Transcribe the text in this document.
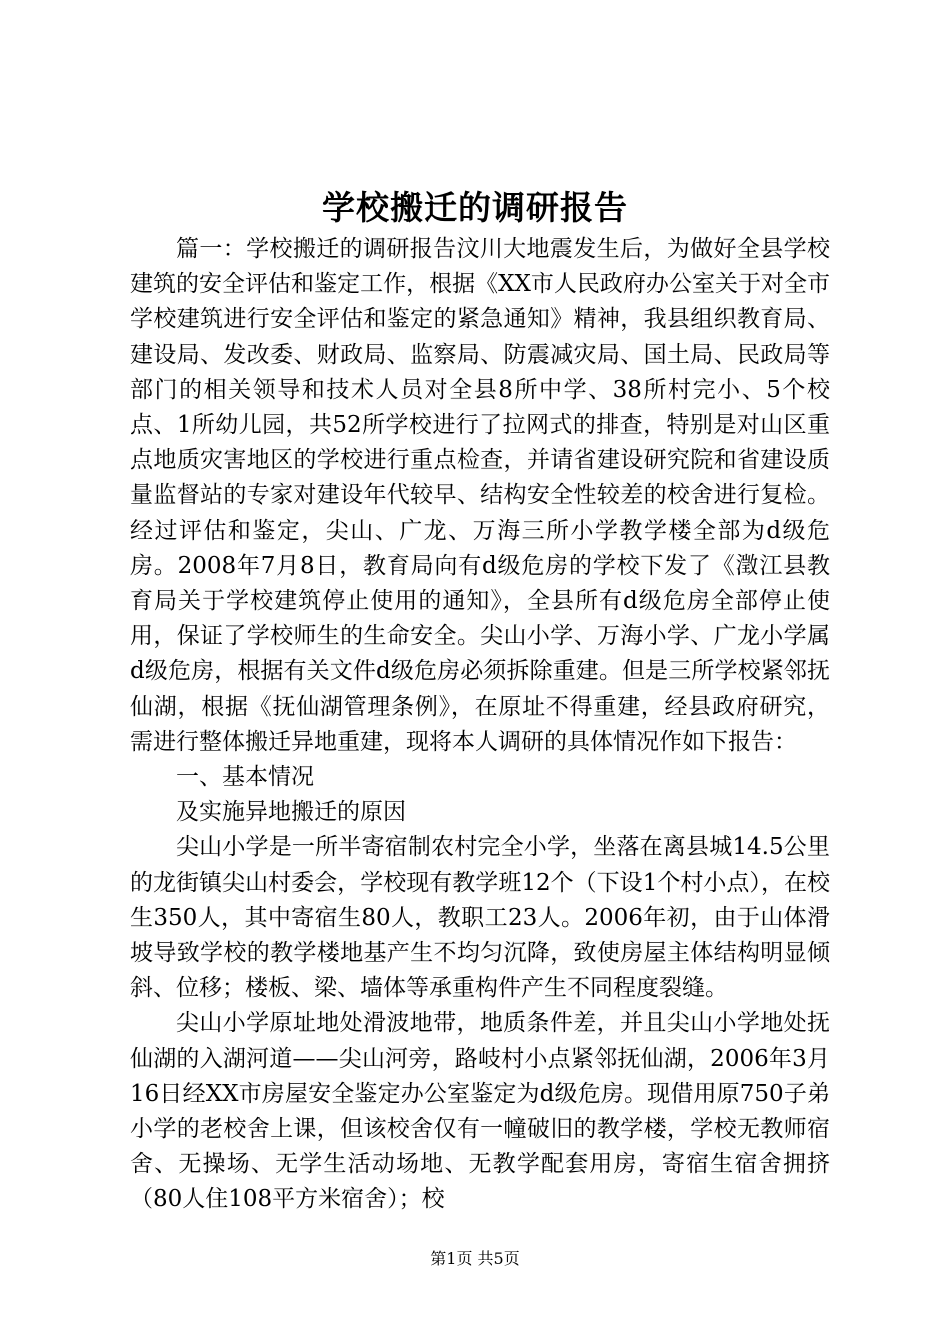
学校搬迁的调研报告

篇一：学校搬迁的调研报告汶川大地震发生后，为做好全县学校建筑的安全评估和鉴定工作，根据《XX市人民政府办公室关于对全市学校建筑进行安全评估和鉴定的紧急通知》精神，我县组织教育局、建设局、发改委、财政局、监察局、防震减灾局、国土局、民政局等部门的相关领导和技术人员对全县8所中学、38所村完小、5个校点、1所幼儿园，共52所学校进行了拉网式的排查，特别是对山区重点地质灾害地区的学校进行重点检查，并请省建设研究院和省建设质量监督站的专家对建设年代较早、结构安全性较差的校舍进行复检。经过评估和鉴定，尖山、广龙、万海三所小学教学楼全部为d级危房。2008年7月8日，教育局向有d级危房的学校下发了《澂江县教育局关于学校建筑停止使用的通知》，全县所有d级危房全部停止使用，保证了学校师生的生命安全。尖山小学、万海小学、广龙小学属d级危房，根据有关文件d级危房必须拆除重建。但是三所学校紧邻抚仙湖，根据《抚仙湖管理条例》，在原址不得重建，经县政府研究，需进行整体搬迁异地重建，现将本人调研的具体情况作如下报告：

一、基本情况

及实施异地搬迁的原因

尖山小学是一所半寄宿制农村完全小学，坐落在离县城14.5公里的龙街镇尖山村委会，学校现有教学班12个（下设1个村小点），在校生350人，其中寄宿生80人，教职工23人。2006年初，由于山体滑坡导致学校的教学楼地基产生不均匀沉降，致使房屋主体结构明显倾斜、位移；楼板、梁、墙体等承重构件产生不同程度裂缝。

尖山小学原址地处滑波地带，地质条件差，并且尖山小学地处抚仙湖的入湖河道——尖山河旁，路岐村小点紧邻抚仙湖，2006年3月16日经XX市房屋安全鉴定办公室鉴定为d级危房。现借用原750子弟小学的老校舍上课，但该校舍仅有一幢破旧的教学楼，学校无教师宿舍、无操场、无学生活动场地、无教学配套用房，寄宿生宿舍拥挤（80人住108平方米宿舍）；校

第1页 共5页
